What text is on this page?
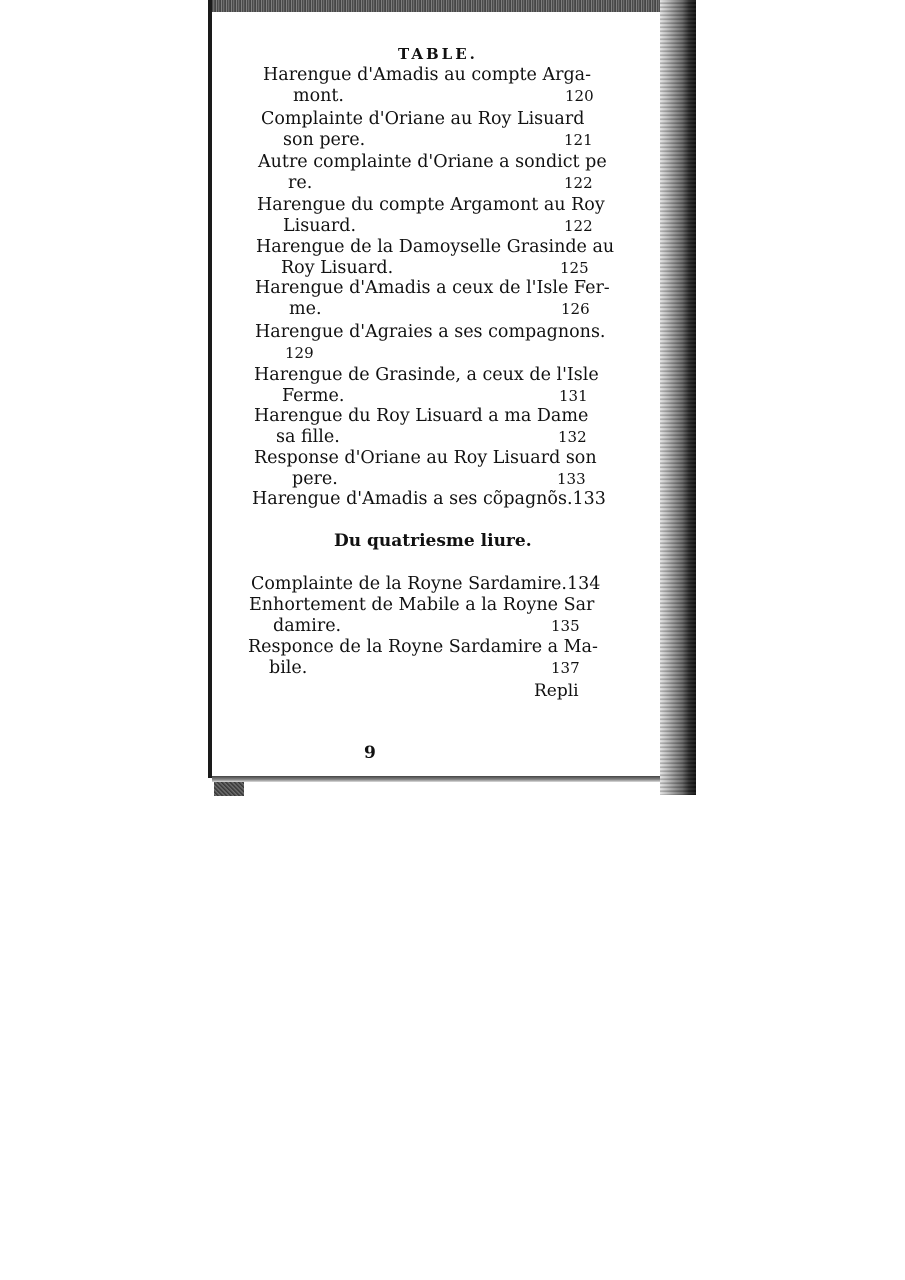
TABLE.
Harengue d'Amadis au compte Arga-
mont.	120
Complainte d'Oriane au Roy Lisuard
son pere.	121
Autre complainte d'Oriane a sondict pe
re.	122
Harengue du compte Argamont au Roy
Lisuard.	122
Harengue de la Damoyselle Grasinde au
Roy Lisuard.	125
Harengue d'Amadis a ceux de l'Isle Fer-
me.	126
Harengue d'Agraies a ses compagnons.
129
Harengue de Grasinde, a ceux de l'Isle
Ferme.	131
Harengue du Roy Lisuard a ma Dame
sa fille.	132
Response d'Oriane au Roy Lisuard son
pere.	133
Harengue d'Amadis a ses cõpagnõs.133
Du quatriesme liure.
Complainte de la Royne Sardamire.134
Enhortement de Mabile a la Royne Sar
damire.	135
Responce de la Royne Sardamire a Ma-
bile.	137
Repli
9
